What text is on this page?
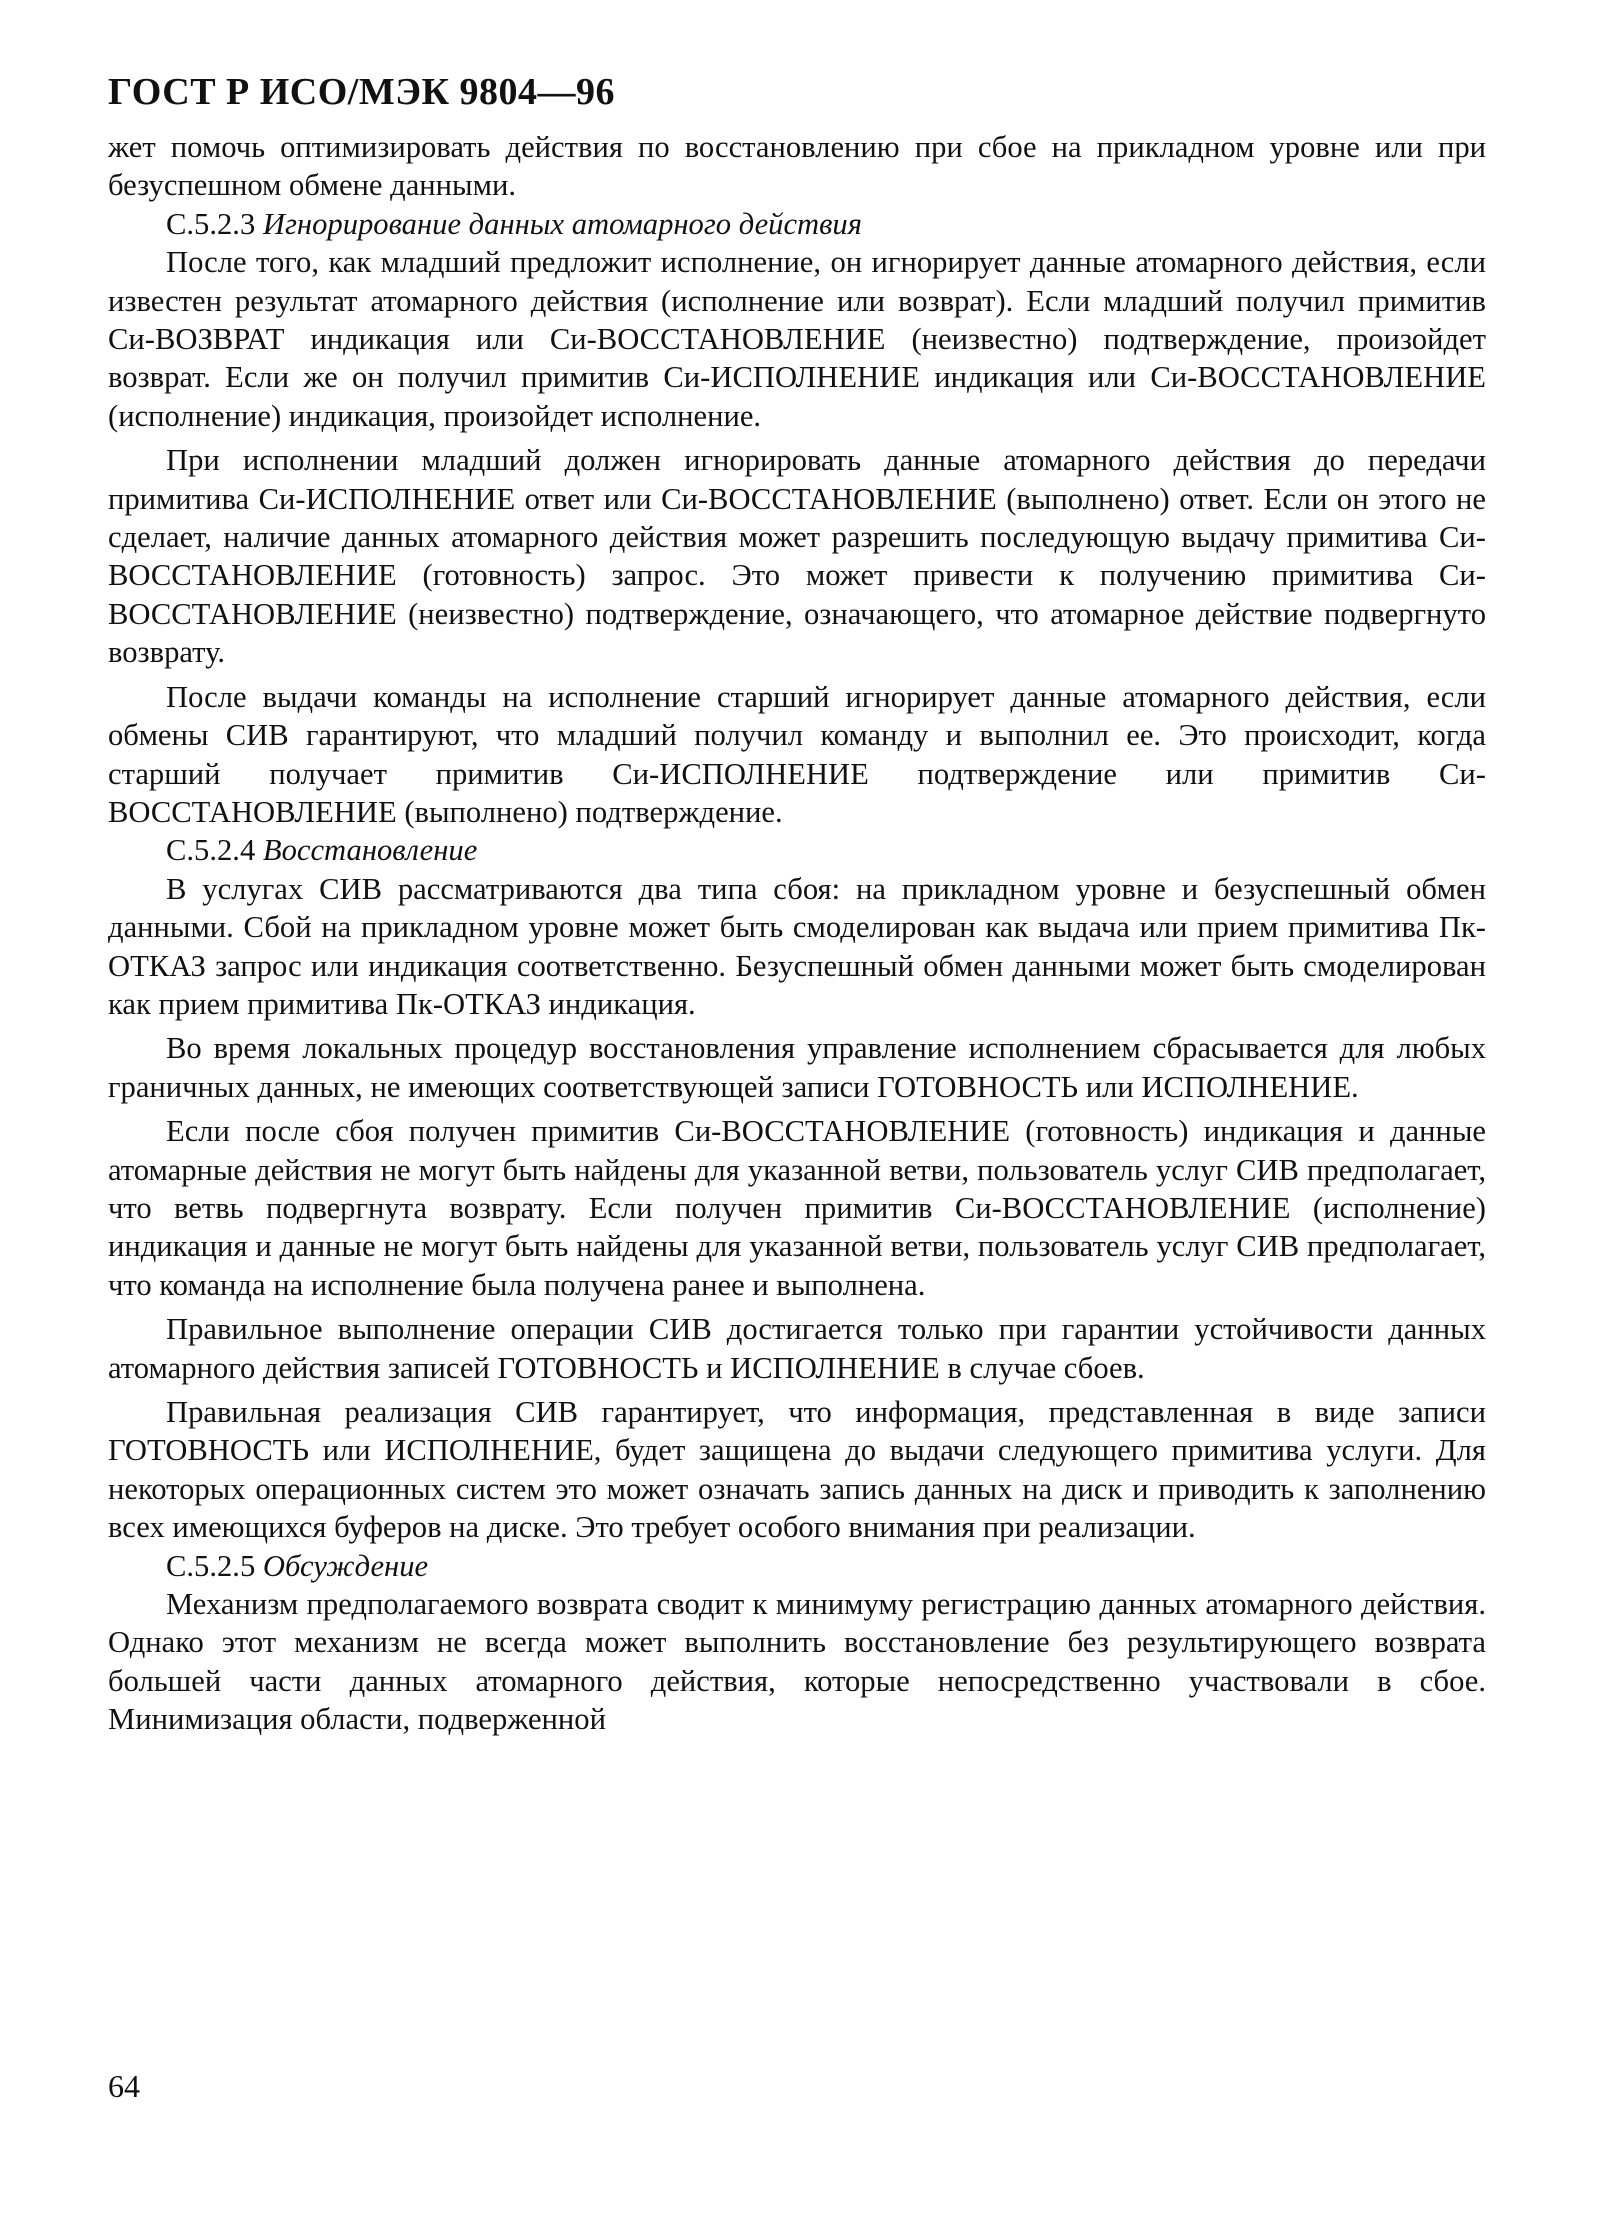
ГОСТ Р ИСО/МЭК 9804—96

жет помочь оптимизировать действия по восстановлению при сбое на прикладном уровне или при безуспешном обмене данными.

C.5.2.3 Игнорирование данных атомарного действия

После того, как младший предложит исполнение, он игнорирует данные атомарного действия, если известен результат атомарного действия (исполнение или возврат). Если младший получил примитив Си-ВОЗВРАТ индикация или Си-ВОССТАНОВЛЕНИЕ (неизвестно) подтверждение, произойдет возврат. Если же он получил примитив Си-ИСПОЛНЕНИЕ индикация или Си-ВОССТАНОВЛЕНИЕ (исполнение) индикация, произойдет исполнение.

При исполнении младший должен игнорировать данные атомарного действия до передачи примитива Си-ИСПОЛНЕНИЕ ответ или Си-ВОССТАНОВЛЕНИЕ (выполнено) ответ. Если он этого не сделает, наличие данных атомарного действия может разрешить последующую выдачу примитива Си-ВОССТАНОВЛЕНИЕ (готовность) запрос. Это может привести к получению примитива Си-ВОССТАНОВЛЕНИЕ (неизвестно) подтверждение, означающего, что атомарное действие подвергнуто возврату.

После выдачи команды на исполнение старший игнорирует данные атомарного действия, если обмены СИВ гарантируют, что младший получил команду и выполнил ее. Это происходит, когда старший получает примитив Си-ИСПОЛНЕНИЕ подтверждение или примитив Си-ВОССТАНОВЛЕНИЕ (выполнено) подтверждение.

C.5.2.4 Восстановление

В услугах СИВ рассматриваются два типа сбоя: на прикладном уровне и безуспешный обмен данными. Сбой на прикладном уровне может быть смоделирован как выдача или прием примитива Пк-ОТКАЗ запрос или индикация соответственно. Безуспешный обмен данными может быть смоделирован как прием примитива Пк-ОТКАЗ индикация.

Во время локальных процедур восстановления управление исполнением сбрасывается для любых граничных данных, не имеющих соответствующей записи ГОТОВНОСТЬ или ИСПОЛНЕНИЕ.

Если после сбоя получен примитив Си-ВОССТАНОВЛЕНИЕ (готовность) индикация и данные атомарные действия не могут быть найдены для указанной ветви, пользователь услуг СИВ предполагает, что ветвь подвергнута возврату. Если получен примитив Си-ВОССТАНОВЛЕНИЕ (исполнение) индикация и данные не могут быть найдены для указанной ветви, пользователь услуг СИВ предполагает, что команда на исполнение была получена ранее и выполнена.

Правильное выполнение операции СИВ достигается только при гарантии устойчивости данных атомарного действия записей ГОТОВНОСТЬ и ИСПОЛНЕНИЕ в случае сбоев.

Правильная реализация СИВ гарантирует, что информация, представленная в виде записи ГОТОВНОСТЬ или ИСПОЛНЕНИЕ, будет защищена до выдачи следующего примитива услуги. Для некоторых операционных систем это может означать запись данных на диск и приводить к заполнению всех имеющихся буферов на диске. Это требует особого внимания при реализации.

C.5.2.5 Обсуждение

Механизм предполагаемого возврата сводит к минимуму регистрацию данных атомарного действия. Однако этот механизм не всегда может выполнить восстановление без результирующего возврата большей части данных атомарного действия, которые непосредственно участвовали в сбое. Минимизация области, подверженной

64
